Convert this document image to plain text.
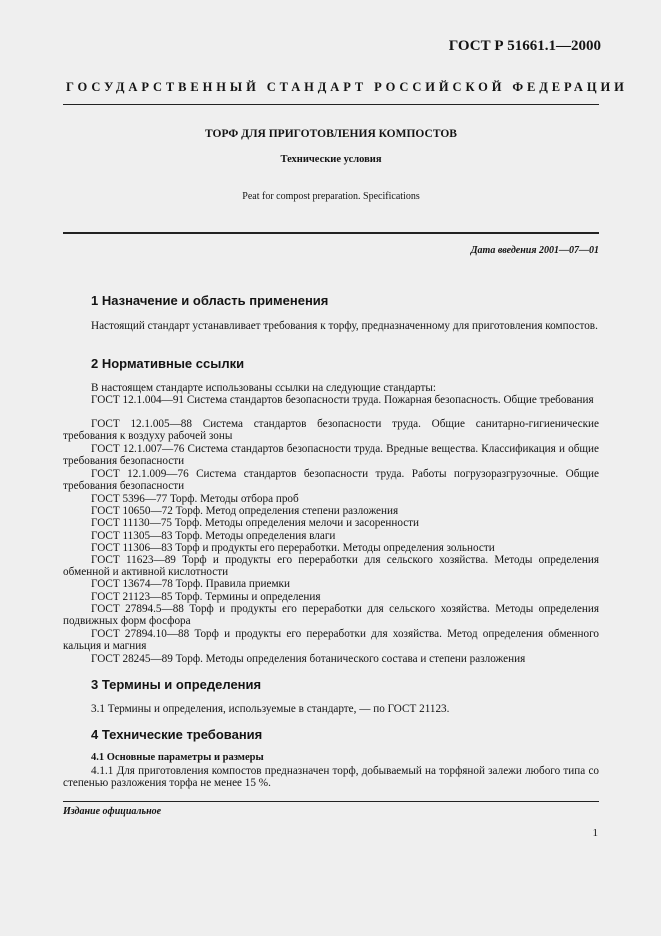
ГОСТ Р 51661.1—2000
ГОСУДАРСТВЕННЫЙ СТАНДАРТ РОССИЙСКОЙ ФЕДЕРАЦИИ
ТОРФ ДЛЯ ПРИГОТОВЛЕНИЯ КОМПОСТОВ
Технические условия
Peat for compost preparation. Specifications
Дата введения 2001—07—01
1 Назначение и область применения
Настоящий стандарт устанавливает требования к торфу, предназначенному для приготовления компостов.
2 Нормативные ссылки
В настоящем стандарте использованы ссылки на следующие стандарты:
ГОСТ 12.1.004—91 Система стандартов безопасности труда. Пожарная безопасность. Общие требования
ГОСТ 12.1.005—88 Система стандартов безопасности труда. Общие санитарно-гигиенические требования к воздуху рабочей зоны
ГОСТ 12.1.007—76 Система стандартов безопасности труда. Вредные вещества. Классификация и общие требования безопасности
ГОСТ 12.1.009—76 Система стандартов безопасности труда. Работы погрузоразгрузочные. Общие требования безопасности
ГОСТ 5396—77 Торф. Методы отбора проб
ГОСТ 10650—72 Торф. Метод определения степени разложения
ГОСТ 11130—75 Торф. Методы определения мелочи и засоренности
ГОСТ 11305—83 Торф. Методы определения влаги
ГОСТ 11306—83 Торф и продукты его переработки. Методы определения зольности
ГОСТ 11623—89 Торф и продукты его переработки для сельского хозяйства. Методы определения обменной и активной кислотности
ГОСТ 13674—78 Торф. Правила приемки
ГОСТ 21123—85 Торф. Термины и определения
ГОСТ 27894.5—88 Торф и продукты его переработки для сельского хозяйства. Методы определения подвижных форм фосфора
ГОСТ 27894.10—88 Торф и продукты его переработки для хозяйства. Метод определения обменного кальция и магния
ГОСТ 28245—89 Торф. Методы определения ботанического состава и степени разложения
3 Термины и определения
3.1 Термины и определения, используемые в стандарте, — по ГОСТ 21123.
4 Технические требования
4.1 Основные параметры и размеры
4.1.1 Для приготовления компостов предназначен торф, добываемый на торфяной залежи любого типа со степенью разложения торфа не менее 15 %.
Издание официальное
1
